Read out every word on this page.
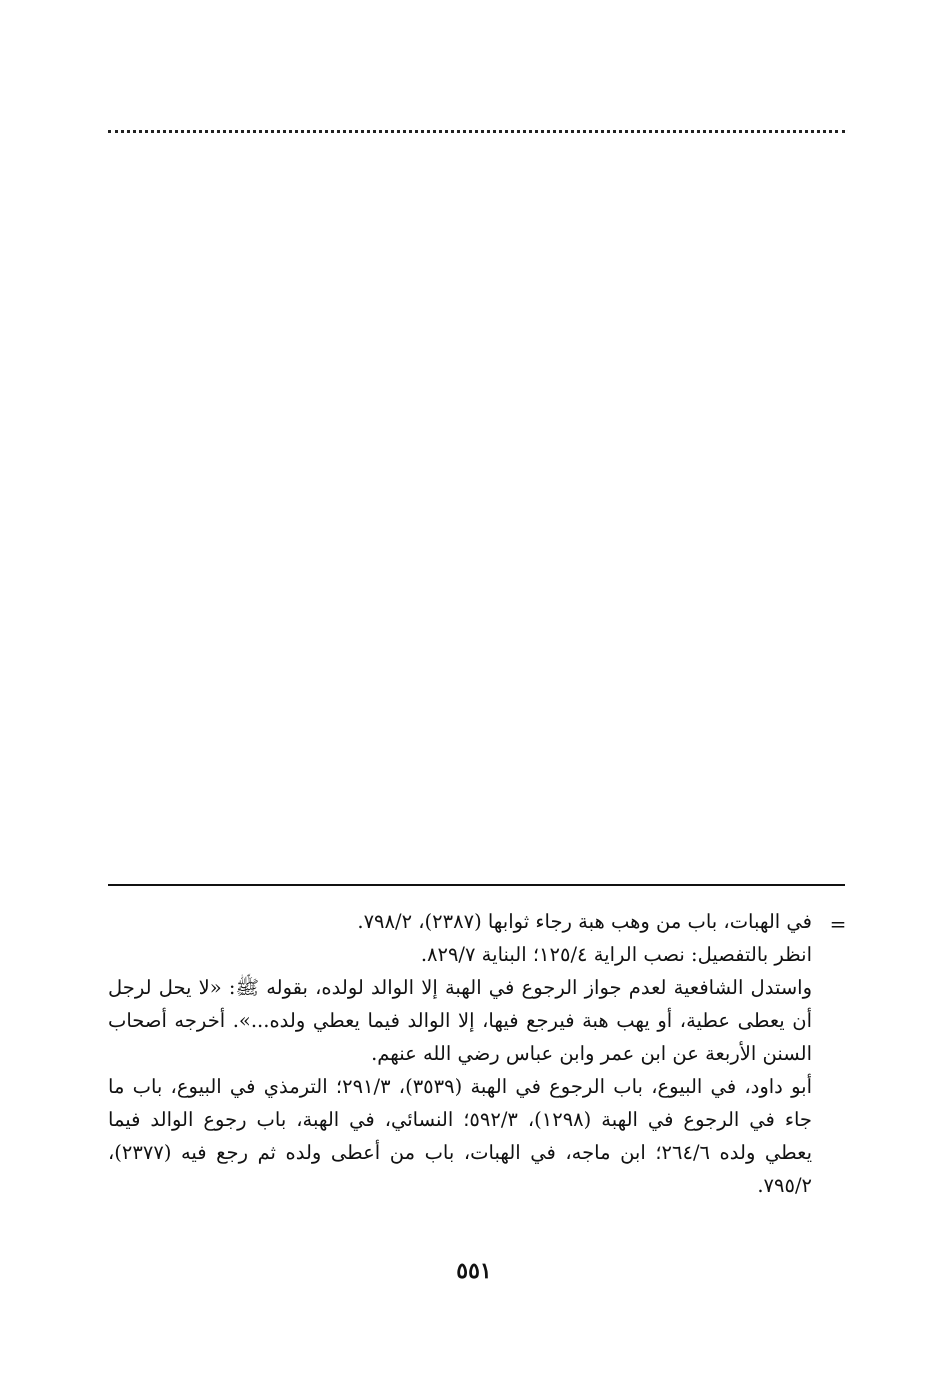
=

في الهبات، باب من وهب هبة رجاء ثوابها (٢٣٨٧)، ٧٩٨/٢.

انظر بالتفصيل: نصب الراية ١٢٥/٤؛ البناية ٨٢٩/٧.

واستدل الشافعية لعدم جواز الرجوع في الهبة إلا الوالد لولده، بقوله ﷺ: «لا يحل لرجل أن يعطى عطية، أو يهب هبة فيرجع فيها، إلا الوالد فيما يعطي ولده...». أخرجه أصحاب السنن الأربعة عن ابن عمر وابن عباس رضي الله عنهم.

أبو داود، في البيوع، باب الرجوع في الهبة (٣٥٣٩)، ٢٩١/٣؛ الترمذي في البيوع، باب ما جاء في الرجوع في الهبة (١٢٩٨)، ٥٩٢/٣؛ النسائي، في الهبة، باب رجوع الوالد فيما يعطي ولده ٢٦٤/٦؛ ابن ماجه، في الهبات، باب من أعطى ولده ثم رجع فيه (٢٣٧٧)، ٧٩٥/٢.

٥٥١
